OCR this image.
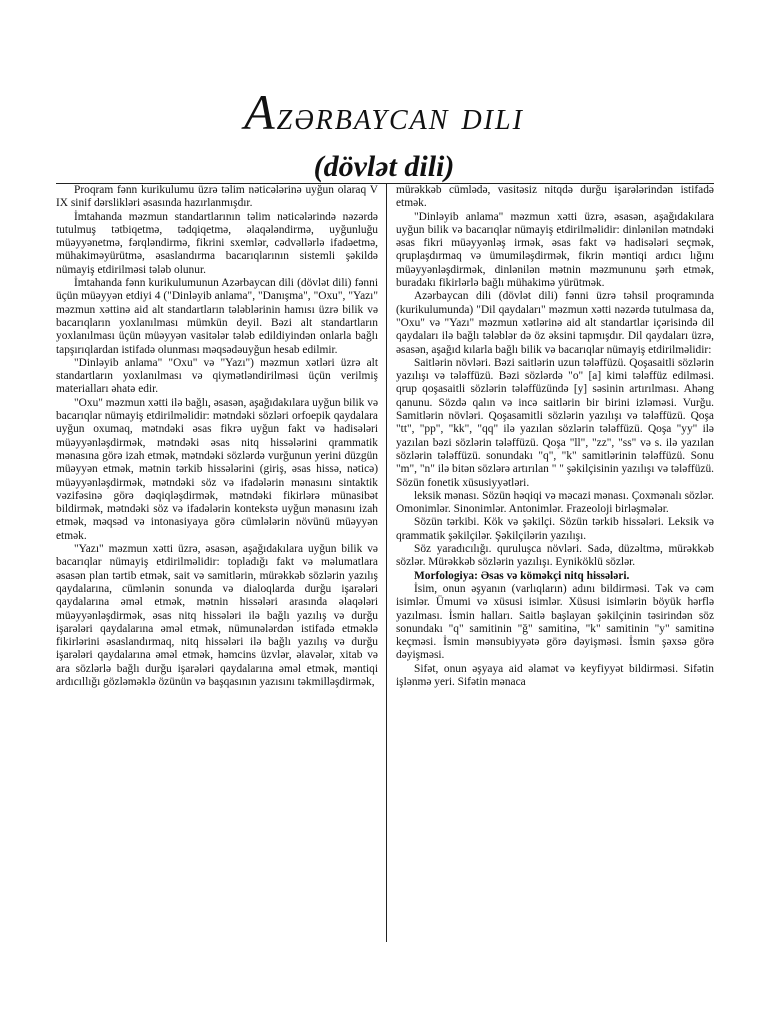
Azərbaycan dili
(dövlət dili)

Proqram fənn kurikulumu üzrə təlim nəticələrinə uyğun olaraq V IX sinif dərslikləri əsasında hazırlanmışdır.

İmtahanda məzmun standartlarının təlim nəticələrində nəzərdə tutulmuş tətbiqetmə, tədqiqetmə, əlaqələndirmə, uyğunluğu müəyyənetmə, fərqləndirmə, fikrini sxemlər, cədvəllərlə ifadəetmə, mühakiməyürütmə, əsaslandırma bacarıqlarının sistemli şəkildə nümayiş etdirilməsi tələb olunur.

İmtahanda fənn kurikulumunun Azərbaycan dili (dövlət dili) fənni üçün müəyyən etdiyi 4 ("Dinləyib anlama", "Danışma", "Oxu", "Yazı" məzmun xəttinə aid alt standartların tələblərinin hamısı üzrə bilik və bacarıqların yoxlanılması mümkün deyil. Bəzi alt standartların yoxlanılması üçün müəyyən vasitələr tələb edildiyindən onlarla bağlı tapşırıqlardan istifadə olunması məqsədəuyğun hesab edilmir.

"Dinləyib anlama" "Oxu" və "Yazı") məzmun xətləri üzrə alt standartların yoxlanılması və qiymətləndirilməsi üçün verilmiş materialları əhatə edir.

"Oxu" məzmun xətti ilə bağlı, əsasən, aşağıdakılara uyğun bilik və bacarıqlar nümayiş etdirilməlidir: mətndəki sözləri orfoepik qaydalara uyğun oxumaq, mətndəki əsas fikrə uyğun fakt və hadisələri müəyyənləşdirmək, mətndəki əsas nitq hissələrini qrammatik mənasına görə izah etmək, mətndəki sözlərdə vurğunun yerini düzgün müəyyən etmək, mətnin tərkib hissələrini (giriş, əsas hissə, nəticə) müəyyənləşdirmək, mətndəki söz və ifadələrin mənasını sintaktik vəzifəsinə görə dəqiqləşdirmək, mətndəki fikirlərə münasibət bildirmək, mətndəki söz və ifadələrin kontekstə uyğun mənasını izah etmək, məqsəd və intonasiyaya görə cümlələrin növünü müəyyən etmək.

"Yazı" məzmun xətti üzrə, əsasən, aşağıdakılara uyğun bilik və bacarıqlar nümayiş etdirilməlidir: topladığı fakt və məlumatlara əsasən plan tərtib etmək, sait və samitlərin, mürəkkəb sözlərin yazılış qaydalarına, cümlənin sonunda və dialoqlarda durğu işarələri qaydalarına əməl etmək, mətnin hissələri arasında əlaqələri müəyyənləşdirmək, əsas nitq hissələri ilə bağlı yazılış və durğu işarələri qaydalarına əməl etmək, nümunələrdən istifadə etməklə fikirlərini əsaslandırmaq, nitq hissələri ilə bağlı yazılış və durğu işarələri qaydalarına əməl etmək, həmcins üzvlər, əlavələr, xitab və ara sözlərlə bağlı durğu işarələri qaydalarına əməl etmək, məntiqi ardıcıllığı gözləməklə özünün və başqasının yazısını təkmilləşdirmək,

mürəkkəb cümlədə, vasitəsiz nitqdə durğu işarələrindən istifadə etmək.

"Dinləyib anlama" məzmun xətti üzrə, əsasən, aşağıdakılara uyğun bilik və bacarıqlar nümayiş etdirilməlidir: dinlənilən mətndəki əsas fikri müəyyənləş irmək, əsas fakt və hadisələri seçmək, qruplaşdırmaq və ümumiləşdirmək, fikrin məntiqi ardıcı lığını müəyyənləşdirmək, dinlənilən mətnin məzmununu şərh etmək, buradakı fikirlərlə bağlı mühakimə yürütmək.

Azərbaycan dili (dövlət dili) fənni üzrə təhsil proqramında (kurikulumunda) "Dil qaydaları" məzmun xətti nəzərdə tutulmasa da, "Oxu" və "Yazı" məzmun xətlərinə aid alt standartlar içərisində dil qaydaları ilə bağlı tələblər də öz əksini tapmışdır. Dil qaydaları üzrə, əsasən, aşağıd kılarla bağlı bilik və bacarıqlar nümayiş etdirilməlidir:

Saitlərin növləri. Bəzi saitlərin uzun tələffüzü. Qoşasaitli sözlərin yazılışı və tələffüzü. Bəzi sözlərdə "o" [a] kimi tələffüz edilməsi. qrup qoşasaitli sözlərin tələffüzündə [y] səsinin artırılması. Ahəng qanunu. Sözdə qalın və incə saitlərin bir birini izləməsi. Vurğu. Samitlərin növləri. Qoşasamitli sözlərin yazılışı və tələffüzü. Qoşa "tt", "pp", "kk", "qq" ilə yazılan sözlərin tələffüzü. Qoşa "yy" ilə yazılan bəzi sözlərin tələffüzü. Qoşa "ll", "zz", "ss" və s. ilə yazılan sözlərin tələffüzü. sonundakı "q", "k" samitlərinin tələffüzü. Sonu "m", "n" ilə bitən sözlərə artırılan " " şəkilçisinin yazılışı və tələffüzü. Sözün fonetik xüsusiyyətləri.

leksik mənası. Sözün həqiqi və məcazi mənası. Çoxmənalı sözlər. Omonimlər. Sinonimlər. Antonimlər. Frazeoloji birləşmələr.

Sözün tərkibi. Kök və şəkilçi. Sözün tərkib hissələri. Leksik və qrammatik şəkilçilər. Şəkilçilərin yazılışı.

Söz yaradıcılığı. quruluşca növləri. Sadə, düzəltmə, mürəkkəb sözlər. Mürəkkəb sözlərin yazılışı. Eyniköklü sözlər.

Morfologiya: Əsas və köməkçi nitq hissələri.

İsim, onun əşyanın (varlıqların) adını bildirməsi. Tək və cəm isimlər. Ümumi və xüsusi isimlər. Xüsusi isimlərin böyük hərflə yazılması. İsmin halları. Saitlə başlayan şəkilçinin təsirindən söz sonundakı "q" samitinin "ğ" samitinə, "k" samitinin "y" samitinə keçməsi. İsmin mənsubiyyətə görə dəyişməsi. İsmin şəxsə görə dəyişməsi.

Sifət, onun əşyaya aid əlamət və keyfiyyət bildirməsi. Sifətin işlənmə yeri. Sifətin mənaca
